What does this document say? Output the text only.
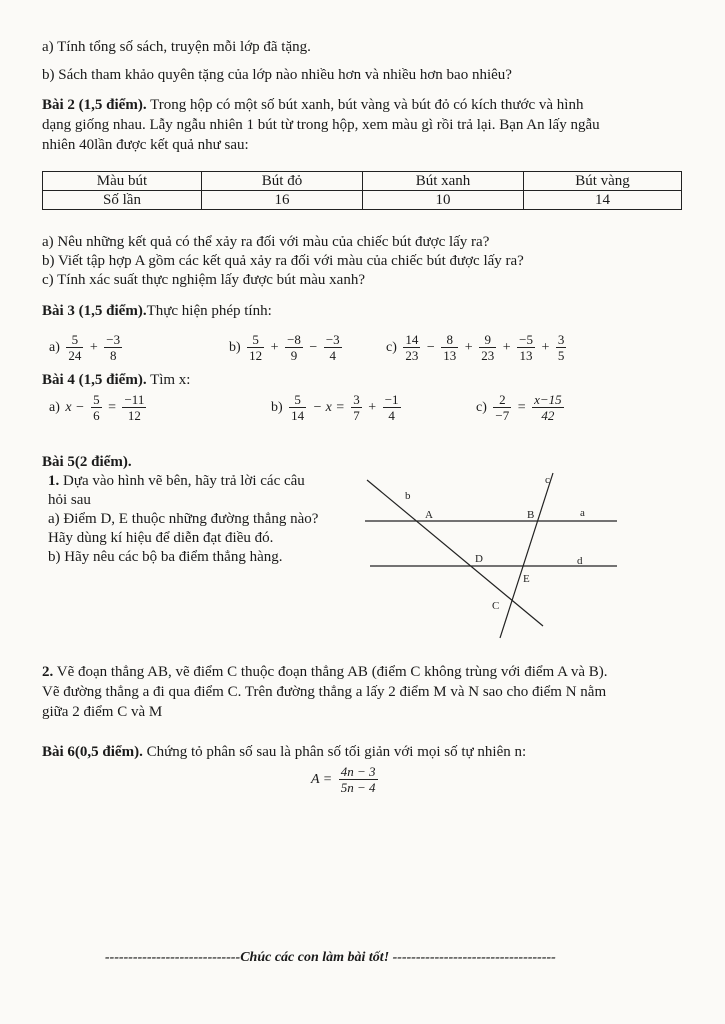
a) Tính tổng số sách, truyện mỗi lớp đã tặng.
b) Sách tham khảo quyên tặng của lớp nào nhiều hơn và nhiều hơn bao nhiêu?
Bài 2 (1,5 điểm). Trong hộp có một số bút xanh, bút vàng và bút đỏ có kích thước và hình
dạng giống nhau. Lẫy ngẫu nhiên 1 bút từ trong hộp, xem màu gì rồi trả lại. Bạn An lấy ngẫu
nhiên 40lần được kết quả như sau:
Màu bút	Bút đỏ	Bút xanh	Bút vàng
Số lần	16	10	14
a) Nêu những kết quả có thể xảy ra đối với màu của chiếc bút được lấy ra?
b) Viết tập hợp A gồm các kết quả xảy ra đối với màu của chiếc bút được lấy ra?
c) Tính xác suất thực nghiệm lấy được bút màu xanh?
Bài 3 (1,5 điểm).Thực hiện phép tính:
$a) \frac{5}{24} + \frac{-3}{8}$	$b) \frac{5}{12} + \frac{-8}{9} - \frac{-3}{4}$	$c) \frac{14}{23} - \frac{8}{13} + \frac{9}{23} + \frac{-5}{13} + \frac{3}{5}$
Bài 4 (1,5 điểm). Tìm x:
a) $x - \frac{5}{6} = \frac{-11}{12}$	$b) \frac{5}{14} - x = \frac{3}{7} + \frac{-1}{4}$	$c) \frac{2}{-7} = \frac{x-15}{42}$
Bài 5(2 điểm).
1. Dựa vào hình vẽ bên, hãy trả lời các câu
hỏi sau
a) Điểm D, E thuộc những đường thẳng nào?
Hãy dùng kí hiệu để diễn đạt điều đó.
b) Hãy nêu các bộ ba điểm thẳng hàng.
c
b
A	B	a
D	d
E
C
2. Vẽ đoạn thẳng AB, vẽ điểm C thuộc đoạn thẳng AB (điểm C không trùng với điểm A và B).
Vẽ đường thẳng a đi qua điểm C. Trên đường thẳng a lấy 2 điểm M và N sao cho điểm N nằm
giữa 2 điểm C và M
Bài 6(0,5 điểm). Chứng tỏ phân số sau là phân số tối giản với mọi số tự nhiên n:
$A = \frac{4n - 3}{5n - 4}$
-----------------------------Chúc các con làm bài tốt! -----------------------------------
